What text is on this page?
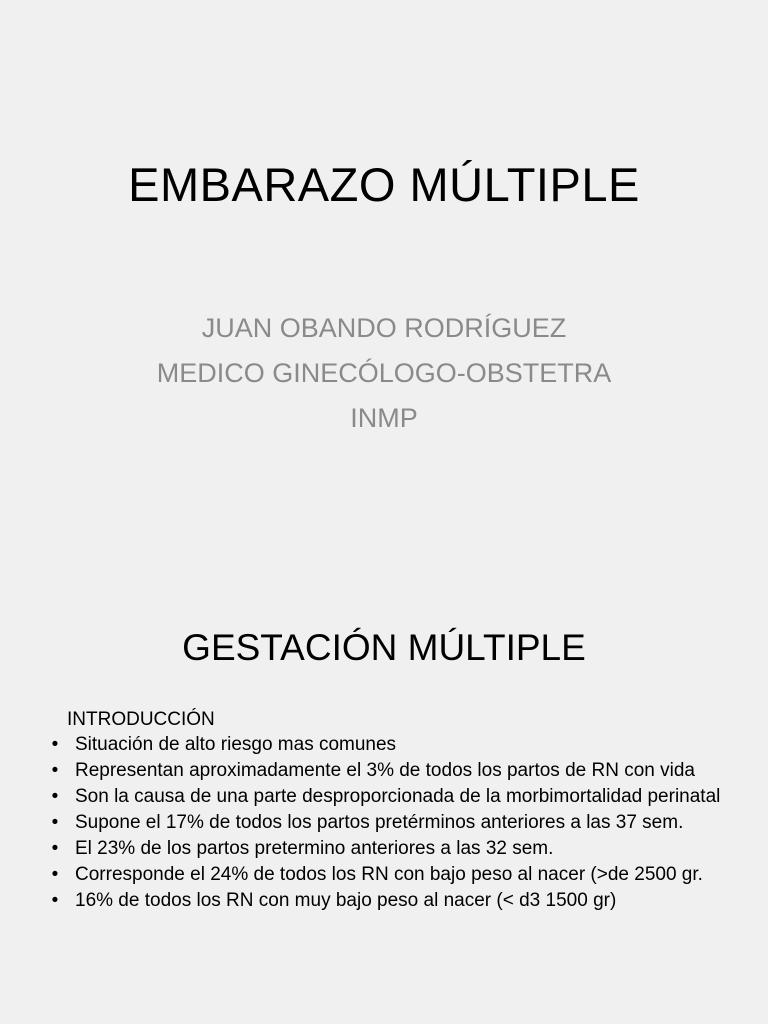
EMBARAZO MÚLTIPLE
JUAN OBANDO RODRÍGUEZ
MEDICO GINECÓLOGO-OBSTETRA
INMP
GESTACIÓN MÚLTIPLE
INTRODUCCIÓN
• Situación de alto riesgo mas comunes
• Representan aproximadamente el 3% de todos los partos de RN con vida
• Son la causa de una parte desproporcionada de la morbimortalidad perinatal
• Supone el 17% de todos los partos pretérminos anteriores a las 37 sem.
• El 23% de los partos pretermino anteriores a las 32 sem.
• Corresponde el 24% de todos los RN con bajo peso al nacer (>de 2500 gr.
• 16% de todos los RN con muy bajo peso al nacer (< d3 1500 gr)
